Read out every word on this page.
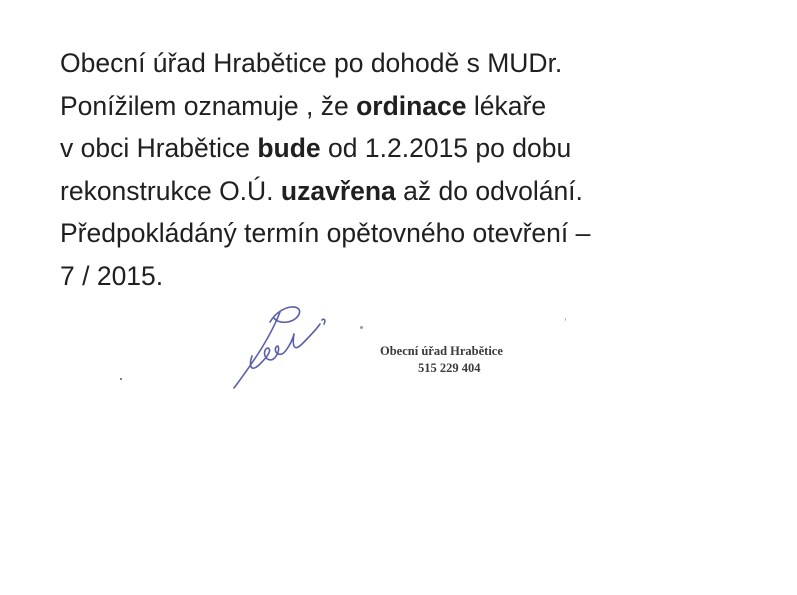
Obecní úřad Hrabětice po dohodě s MUDr.
Ponížilem oznamuje , že ordinace lékaře
v obci Hrabětice bude od 1.2.2015 po dobu
rekonstrukce O.Ú. uzavřena až do odvolání.
Předpokládáný termín opětovného otevření –
7 / 2015.
Obecní úřad Hrabětice
515 229 404
